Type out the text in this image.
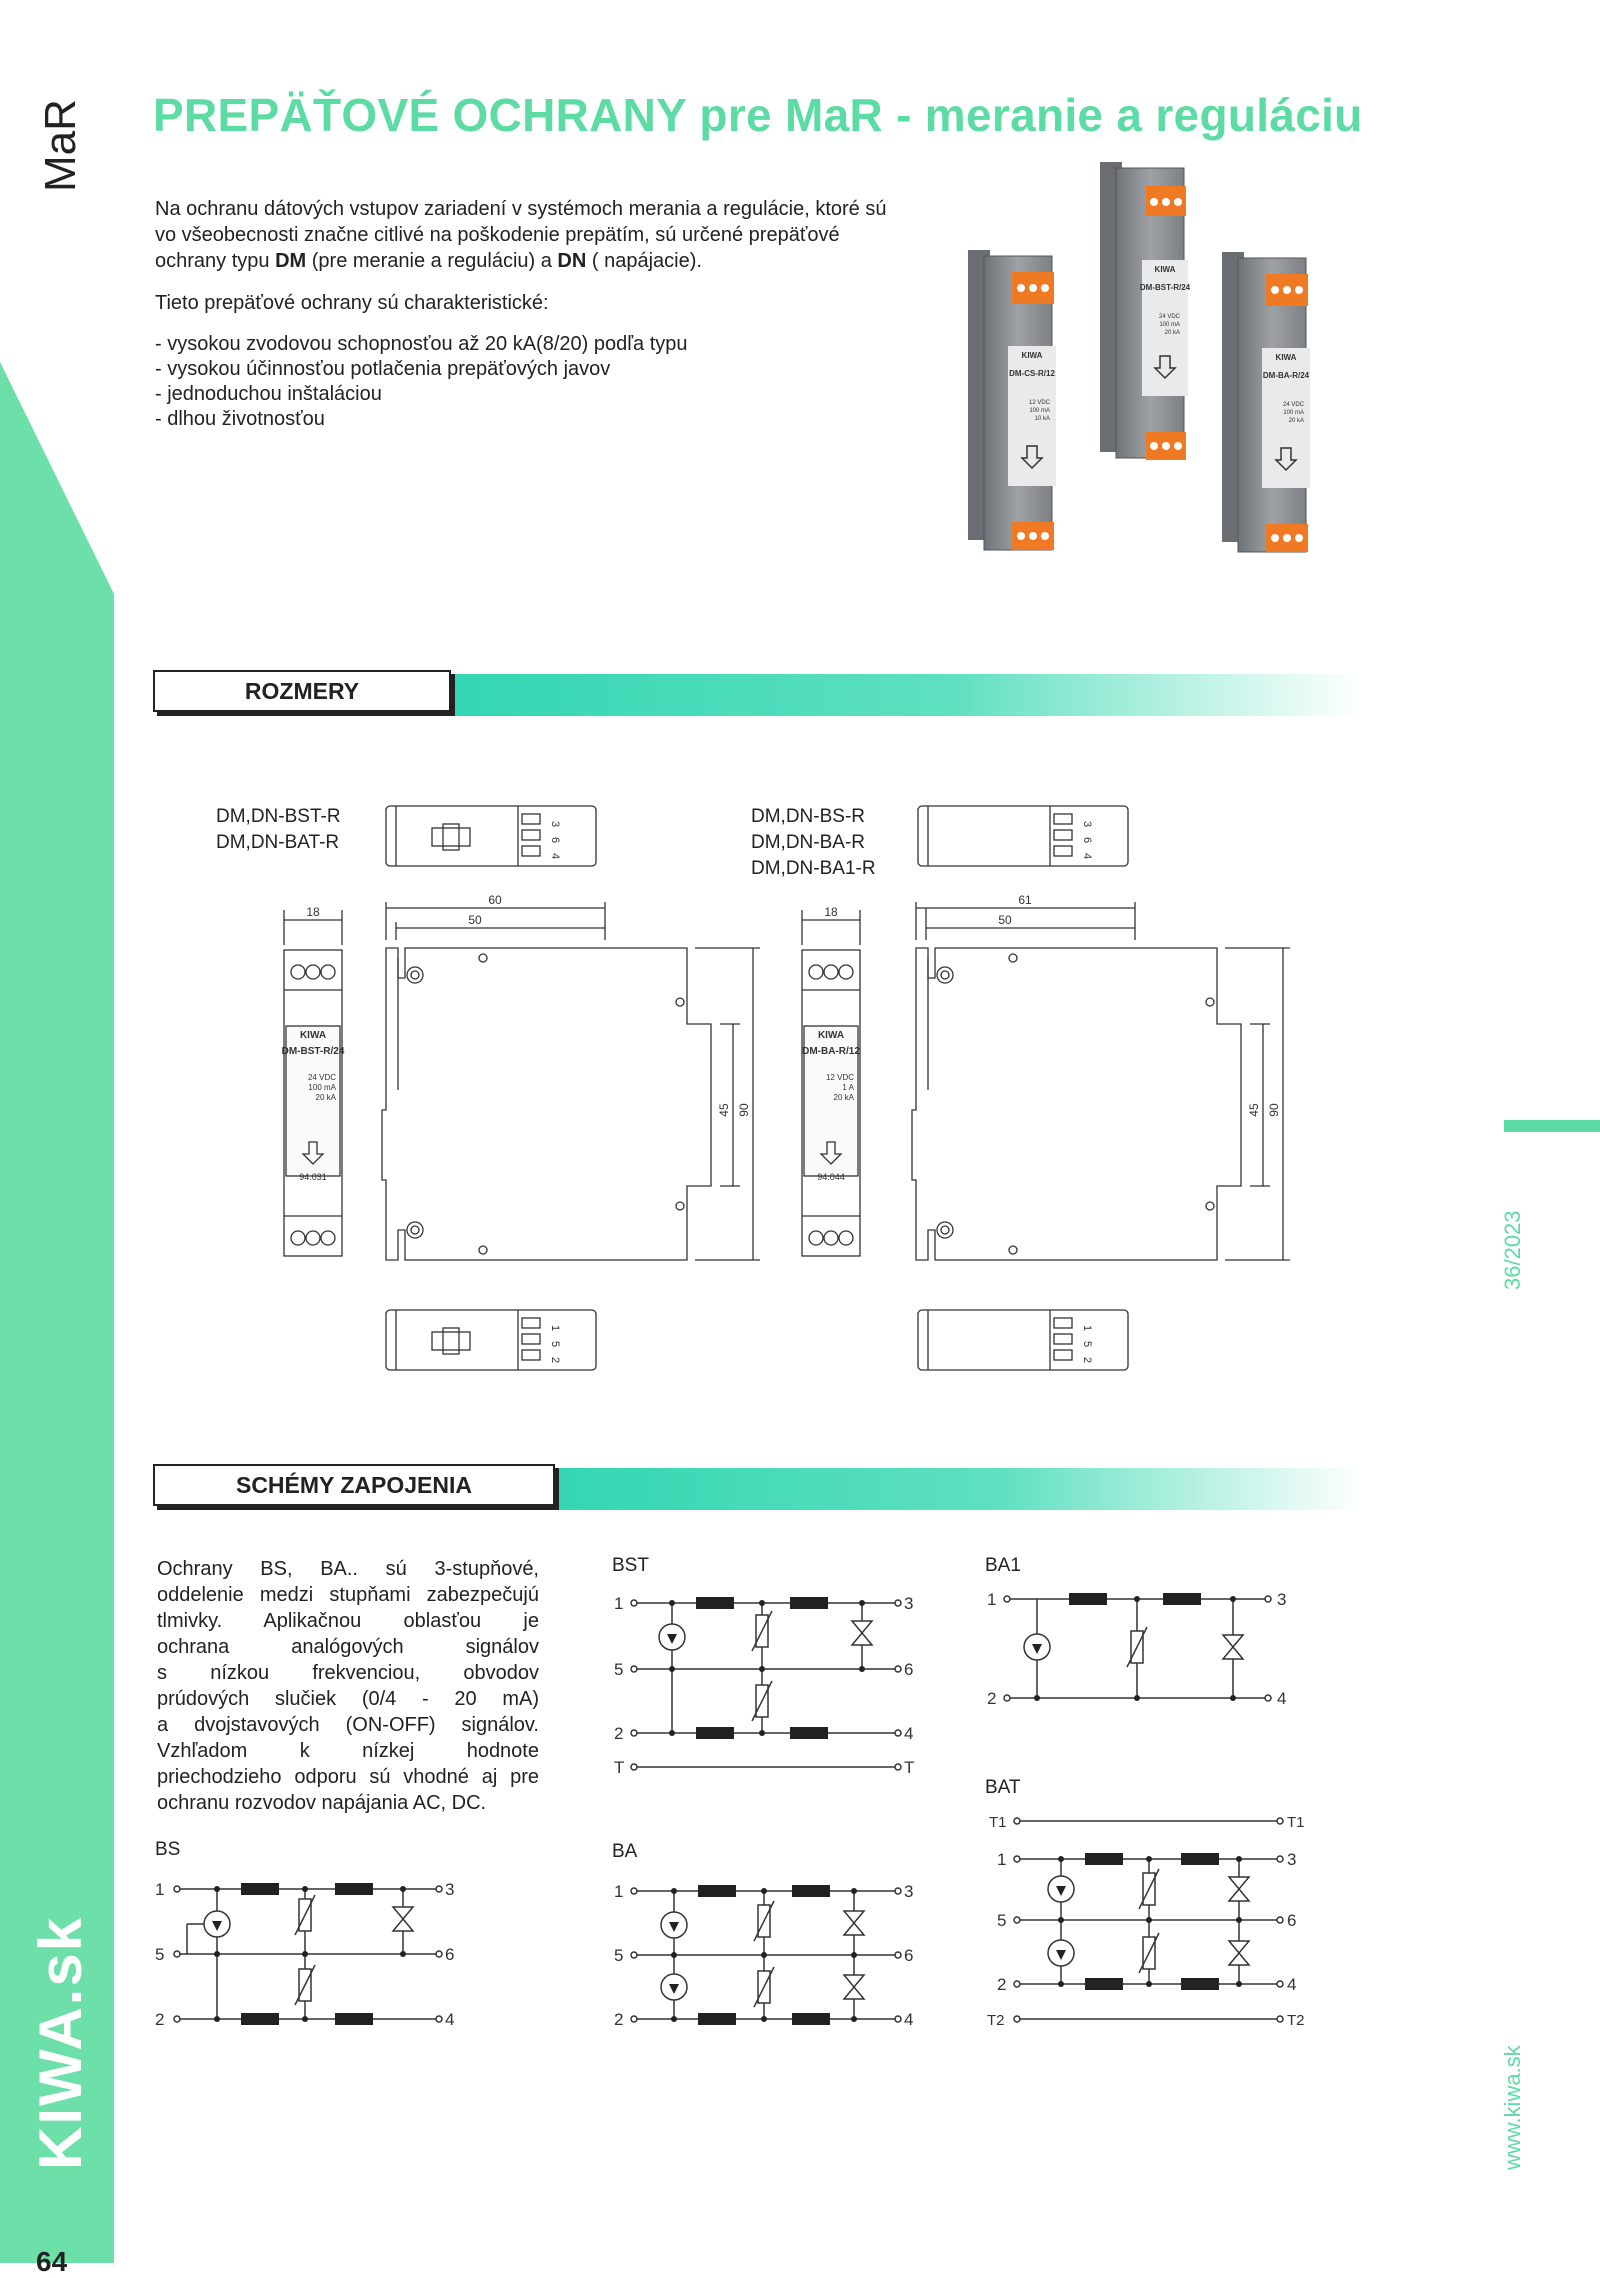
MaR
KIWA.sk
64
36/2023
www.kiwa.sk
PREPÄŤOVÉ OCHRANY pre MaR - meranie a reguláciu

Na ochranu dátových vstupov zariadení v systémoch merania a regulácie, ktoré sú vo všeobecnosti značne citlivé na poškodenie prepätím, sú určené prepäťové ochrany typu DM (pre meranie a reguláciu) a DN ( napájacie).

Tieto prepäťové ochrany sú charakteristické:

- vysokou zvodovou schopnosťou až 20 kA(8/20) podľa typu
- vysokou účinnosťou potlačenia prepäťových javov
- jednoduchou inštaláciou
- dlhou životnosťou
KIWA
DM-BST-R/24
24 VDC
100 mA
20 kA
KIWA
DM-CS-R/12
12 VDC
100 mA
10 kA
KIWA
DM-BA-R/24
24 VDC
100 mA
20 kA
ROZMERY
DM,DN-BST-R
DM,DN-BAT-R
DM,DN-BS-R
DM,DN-BA-R
DM,DN-BA1-R
18
60
50
45 90
18
61
50
45 90
3
6
4
1
5
2
3
6
4
1
5
2
KIWA
DM-BST-R/24
24 VDC
100 mA
20 kA
94.031
KIWA
DM-BA-R/12
12 VDC
1 A
20 kA
94.044
SCHÉMY ZAPOJENIA
Ochrany BS, BA.. sú 3-stupňové,
oddelenie medzi stupňami zabezpečujú
tlmivky. Aplikačnou oblasťou je
ochrana analógových signálov
s nízkou frekvenciou, obvodov
prúdových slučiek (0/4 - 20 mA)
a dvojstavových (ON-OFF) signálov.
Vzhľadom k nízkej hodnote
priechodzieho odporu sú vhodné aj pre
ochranu rozvodov napájania AC, DC.
BS
1
5
2
3
6
4
BST
1
5
2
T
3
6
4
T
BA
1
5
2
3
6
4
BA1
1
2
3
4
BAT
T1
1
5
2
T2
T1
3
6
4
T2
